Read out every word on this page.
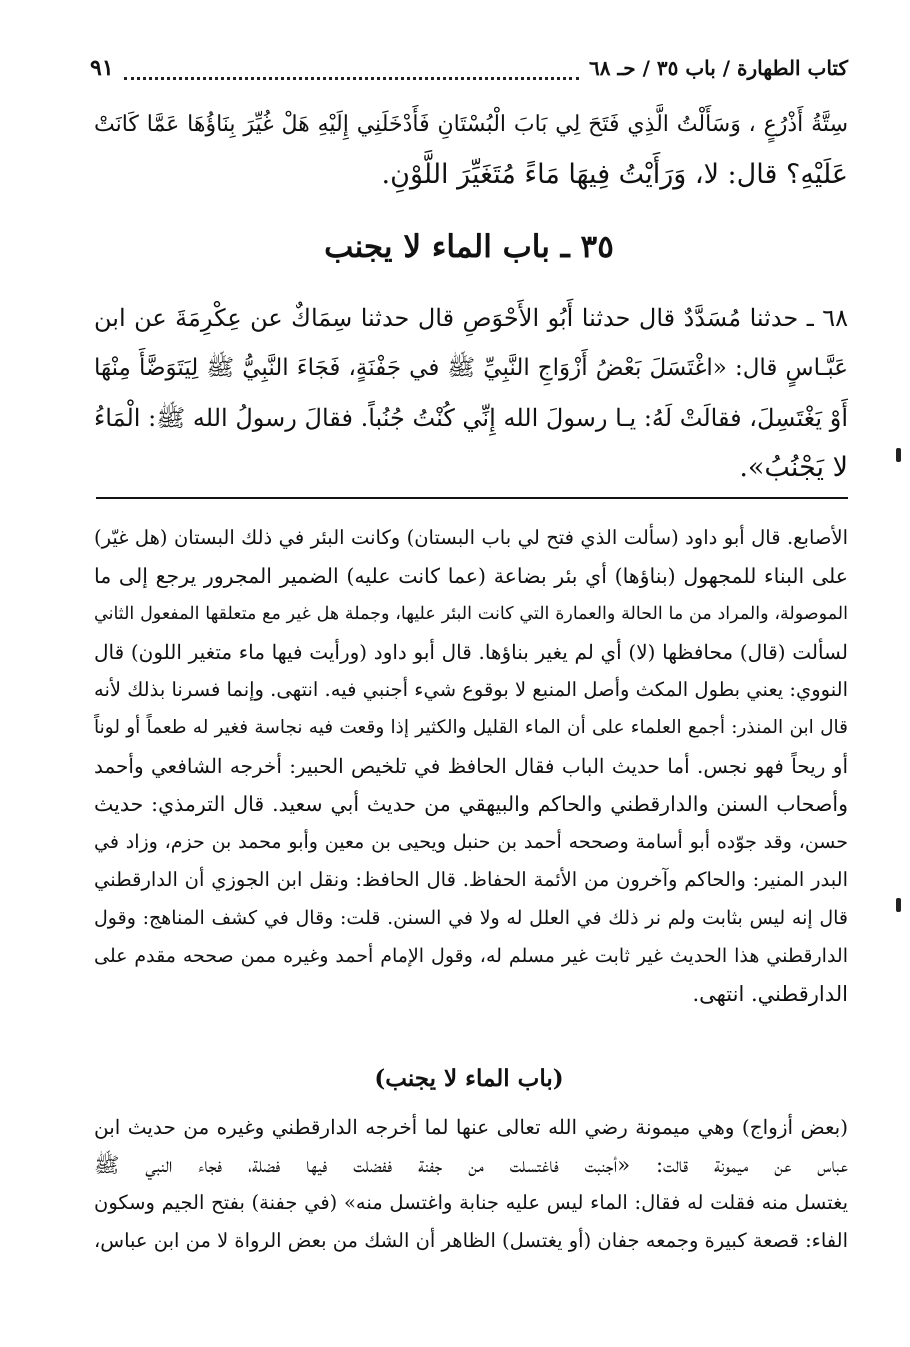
كتاب الطهارة / باب ٣٥ / حـ ٦٨
٩١
سِتَّةُ أَذْرُعٍ ، وَسَأَلْتُ الَّذِي فَتَحَ لِي بَابَ الْبُسْتَانِ فَأَدْخَلَنِي إِلَيْهِ هَلْ غُيِّرَ بِنَاؤُهَا عَمَّا كَانَتْ
عَلَيْهِ؟ قال: لا، وَرَأَيْتُ فِيهَا مَاءً مُتَغَيِّرَ اللَّوْنِ.
٣٥ ـ باب الماء لا يجنب
٦٨ ـ حدثنا مُسَدَّدٌ قال حدثنا أَبُو الأَحْوَصِ قال حدثنا سِمَاكٌ عن عِكْرِمَةَ عن ابن
عَبَّـاسٍ قال: «اغْتَسَلَ بَعْضُ أَزْوَاجِ النَّبِيِّ ﷺ في جَفْنَةٍ، فَجَاءَ النَّبِيُّ ﷺ لِيَتَوَضَّأَ مِنْهَا
أَوْ يَغْتَسِلَ، فقالَتْ لَهُ: يـا رسولَ الله إِنِّي كُنْتُ جُنُباً. فقالَ رسولُ الله ﷺ: الْمَاءُ
لا يَجْنُبُ».
الأصابع. قال أبو داود (سألت الذي فتح لي باب البستان) وكانت البئر في ذلك البستان (هل غيّر)
على البناء للمجهول (بناؤها) أي بئر بضاعة (عما كانت عليه) الضمير المجرور يرجع إلى ما
الموصولة، والمراد من ما الحالة والعمارة التي كانت البئر عليها، وجملة هل غير مع متعلقها المفعول الثاني
لسألت (قال) محافظها (لا) أي لم يغير بناؤها. قال أبو داود (ورأيت فيها ماء متغير اللون) قال
النووي: يعني بطول المكث وأصل المنبع لا بوقوع شيء أجنبي فيه. انتهى. وإنما فسرنا بذلك لأنه
قال ابن المنذر: أجمع العلماء على أن الماء القليل والكثير إذا وقعت فيه نجاسة فغير له طعماً أو لوناً
أو ريحاً فهو نجس. أما حديث الباب فقال الحافظ في تلخيص الحبير: أخرجه الشافعي وأحمد
وأصحاب السنن والدارقطني والحاكم والبيهقي من حديث أبي سعيد. قال الترمذي: حديث
حسن، وقد جوّده أبو أسامة وصححه أحمد بن حنبل ويحيى بن معين وأبو محمد بن حزم، وزاد في
البدر المنير: والحاكم وآخرون من الأئمة الحفاظ. قال الحافظ: ونقل ابن الجوزي أن الدارقطني
قال إنه ليس بثابت ولم نر ذلك في العلل له ولا في السنن. قلت: وقال في كشف المناهج: وقول
الدارقطني هذا الحديث غير ثابت غير مسلم له، وقول الإمام أحمد وغيره ممن صححه مقدم على
الدارقطني. انتهى.
(باب الماء لا يجنب)
(بعض أزواج) وهي ميمونة رضي الله تعالى عنها لما أخرجه الدارقطني وغيره من حديث ابن
عباس عن ميمونة قالت: «أجنبت فاغتسلت من جفنة ففضلت فيها فضلة، فجاء النبي ﷺ
يغتسل منه فقلت له فقال: الماء ليس عليه جنابة واغتسل منه» (في جفنة) بفتح الجيم وسكون
الفاء: قصعة كبيرة وجمعه جفان (أو يغتسل) الظاهر أن الشك من بعض الرواة لا من ابن عباس،
